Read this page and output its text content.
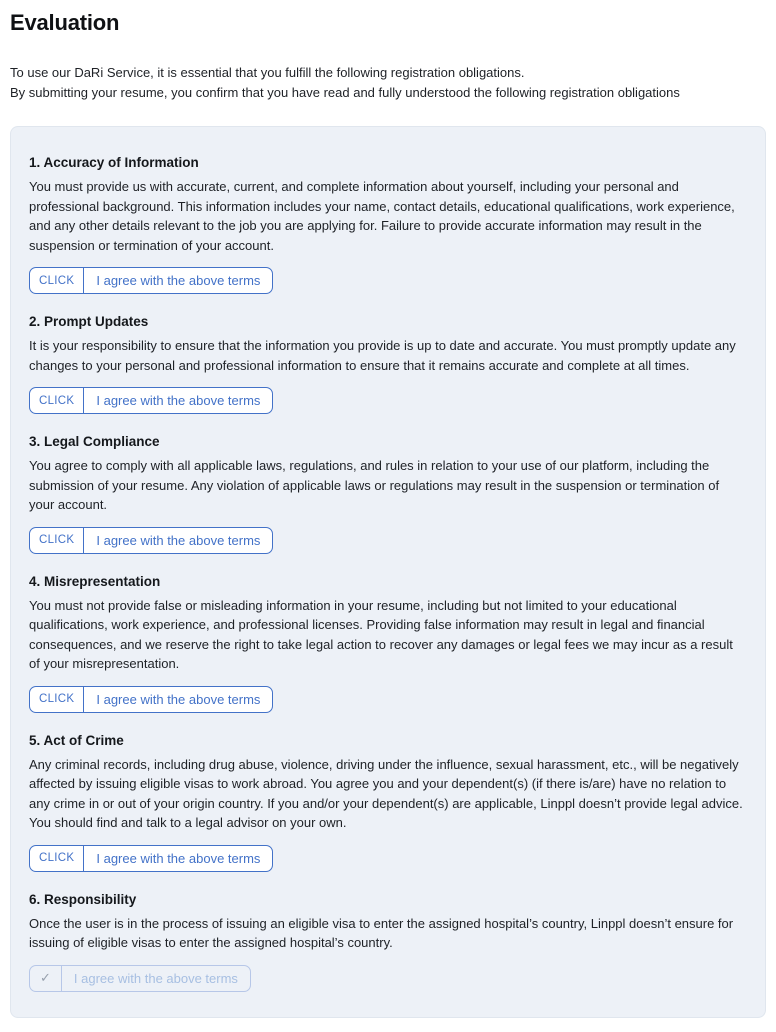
Evaluation

To use our DaRi Service, it is essential that you fulfill the following registration obligations.

By submitting your resume, you confirm that you have read and fully understood the following registration obligations

1. Accuracy of Information

You must provide us with accurate, current, and complete information about yourself, including your personal and professional background. This information includes your name, contact details, educational qualifications, work experience, and any other details relevant to the job you are applying for. Failure to provide accurate information may result in the suspension or termination of your account.

CLICK	I agree with the above terms
2. Prompt Updates

It is your responsibility to ensure that the information you provide is up to date and accurate. You must promptly update any changes to your personal and professional information to ensure that it remains accurate and complete at all times.

CLICK	I agree with the above terms
3. Legal Compliance

You agree to comply with all applicable laws, regulations, and rules in relation to your use of our platform, including the submission of your resume. Any violation of applicable laws or regulations may result in the suspension or termination of your account.

CLICK	I agree with the above terms
4. Misrepresentation

You must not provide false or misleading information in your resume, including but not limited to your educational qualifications, work experience, and professional licenses. Providing false information may result in legal and financial consequences, and we reserve the right to take legal action to recover any damages or legal fees we may incur as a result of your misrepresentation.

CLICK	I agree with the above terms
5. Act of Crime

Any criminal records, including drug abuse, violence, driving under the influence, sexual harassment, etc., will be negatively affected by issuing eligible visas to work abroad. You agree you and your dependent(s) (if there is/are) have no relation to any crime in or out of your origin country. If you and/or your dependent(s) are applicable, Linppl doesn’t provide legal advice. You should find and talk to a legal advisor on your own.

CLICK	I agree with the above terms
6. Responsibility

Once the user is in the process of issuing an eligible visa to enter the assigned hospital’s country, Linppl doesn’t ensure for issuing of eligible visas to enter the assigned hospital’s country.

✓	I agree with the above terms
